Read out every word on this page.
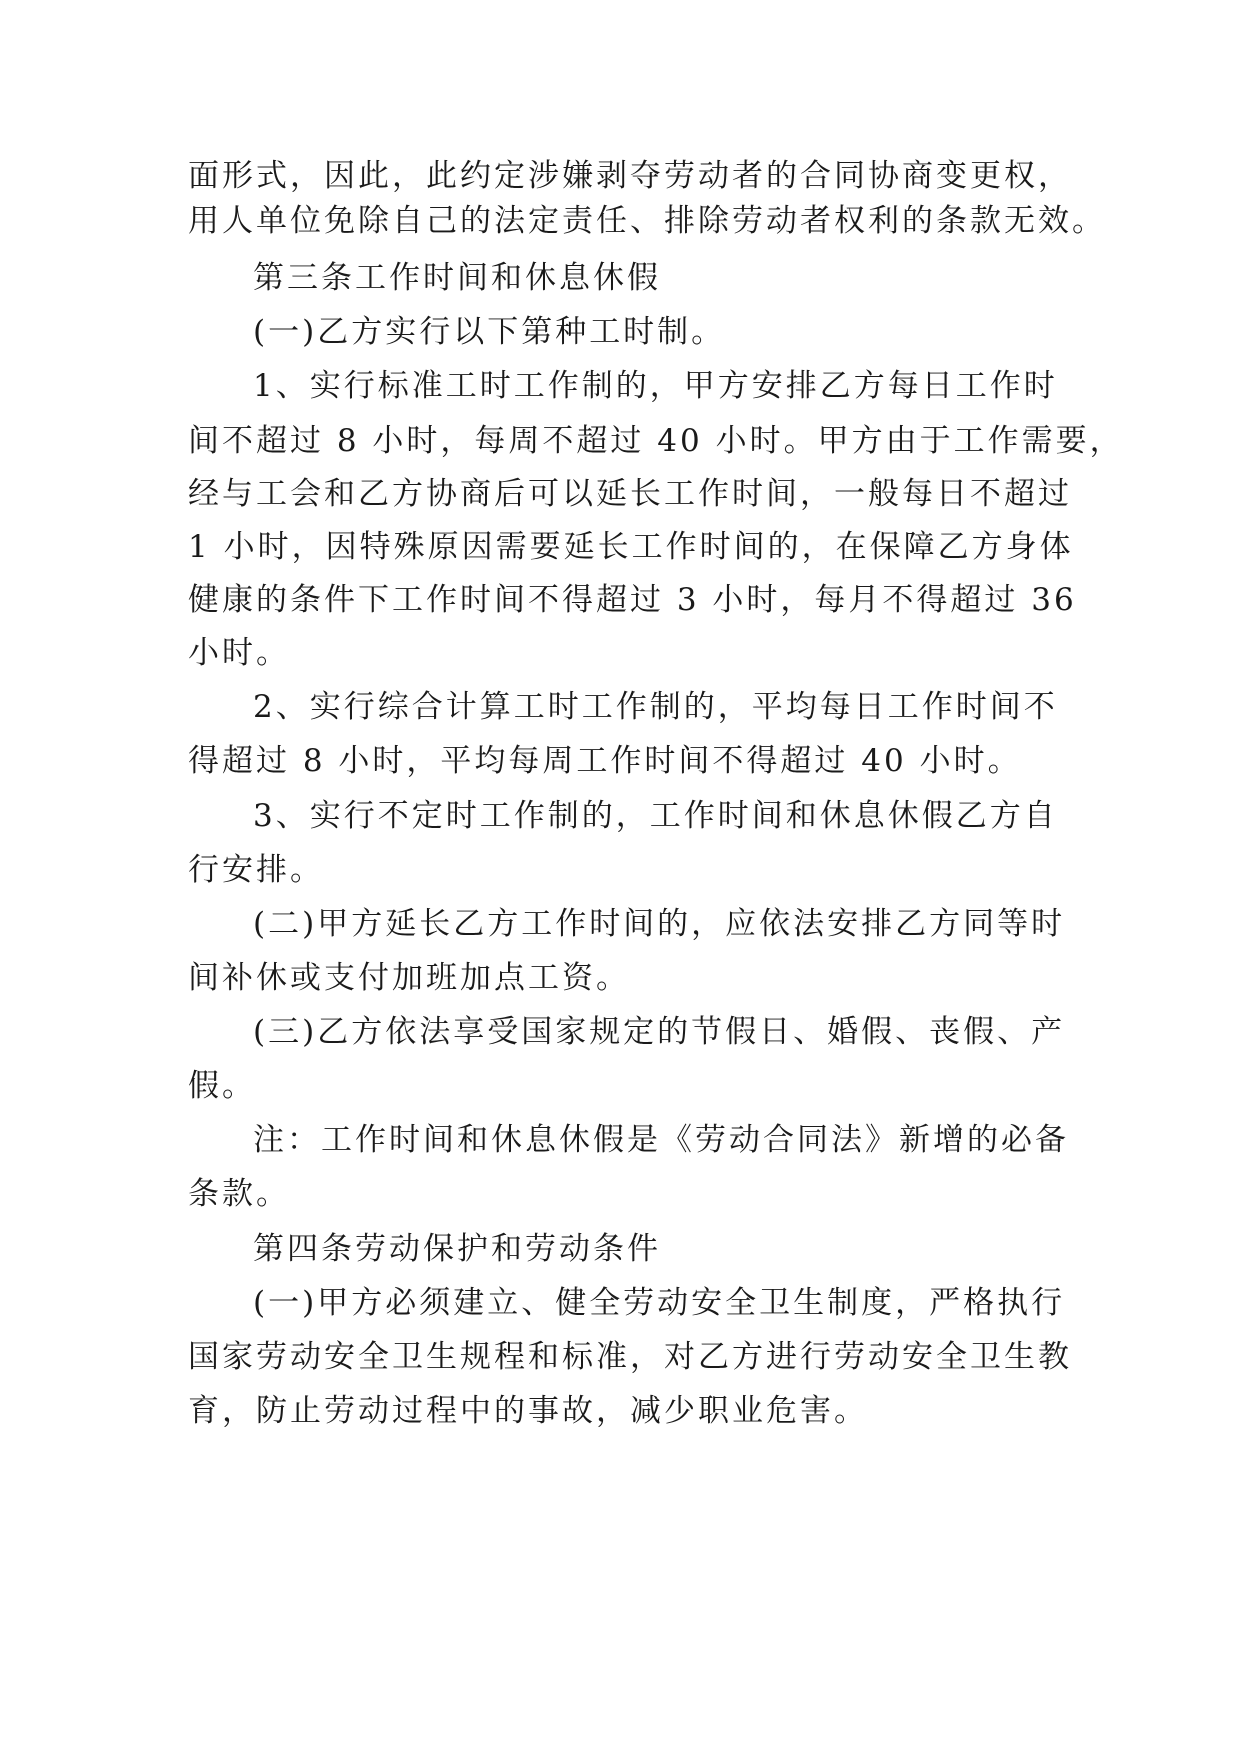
面形式，因此，此约定涉嫌剥夺劳动者的合同协商变更权，
用人单位免除自己的法定责任、排除劳动者权利的条款无效。
第三条工作时间和休息休假
(一)乙方实行以下第种工时制。
1、实行标准工时工作制的，甲方安排乙方每日工作时
间不超过 8 小时，每周不超过 40 小时。甲方由于工作需要，
经与工会和乙方协商后可以延长工作时间，一般每日不超过
1 小时，因特殊原因需要延长工作时间的，在保障乙方身体
健康的条件下工作时间不得超过 3 小时，每月不得超过 36
小时。
2、实行综合计算工时工作制的，平均每日工作时间不
得超过 8 小时，平均每周工作时间不得超过 40 小时。
3、实行不定时工作制的，工作时间和休息休假乙方自
行安排。
(二)甲方延长乙方工作时间的，应依法安排乙方同等时
间补休或支付加班加点工资。
(三)乙方依法享受国家规定的节假日、婚假、丧假、产
假。
注：工作时间和休息休假是《劳动合同法》新增的必备
条款。
第四条劳动保护和劳动条件
(一)甲方必须建立、健全劳动安全卫生制度，严格执行
国家劳动安全卫生规程和标准，对乙方进行劳动安全卫生教
育，防止劳动过程中的事故，减少职业危害。
